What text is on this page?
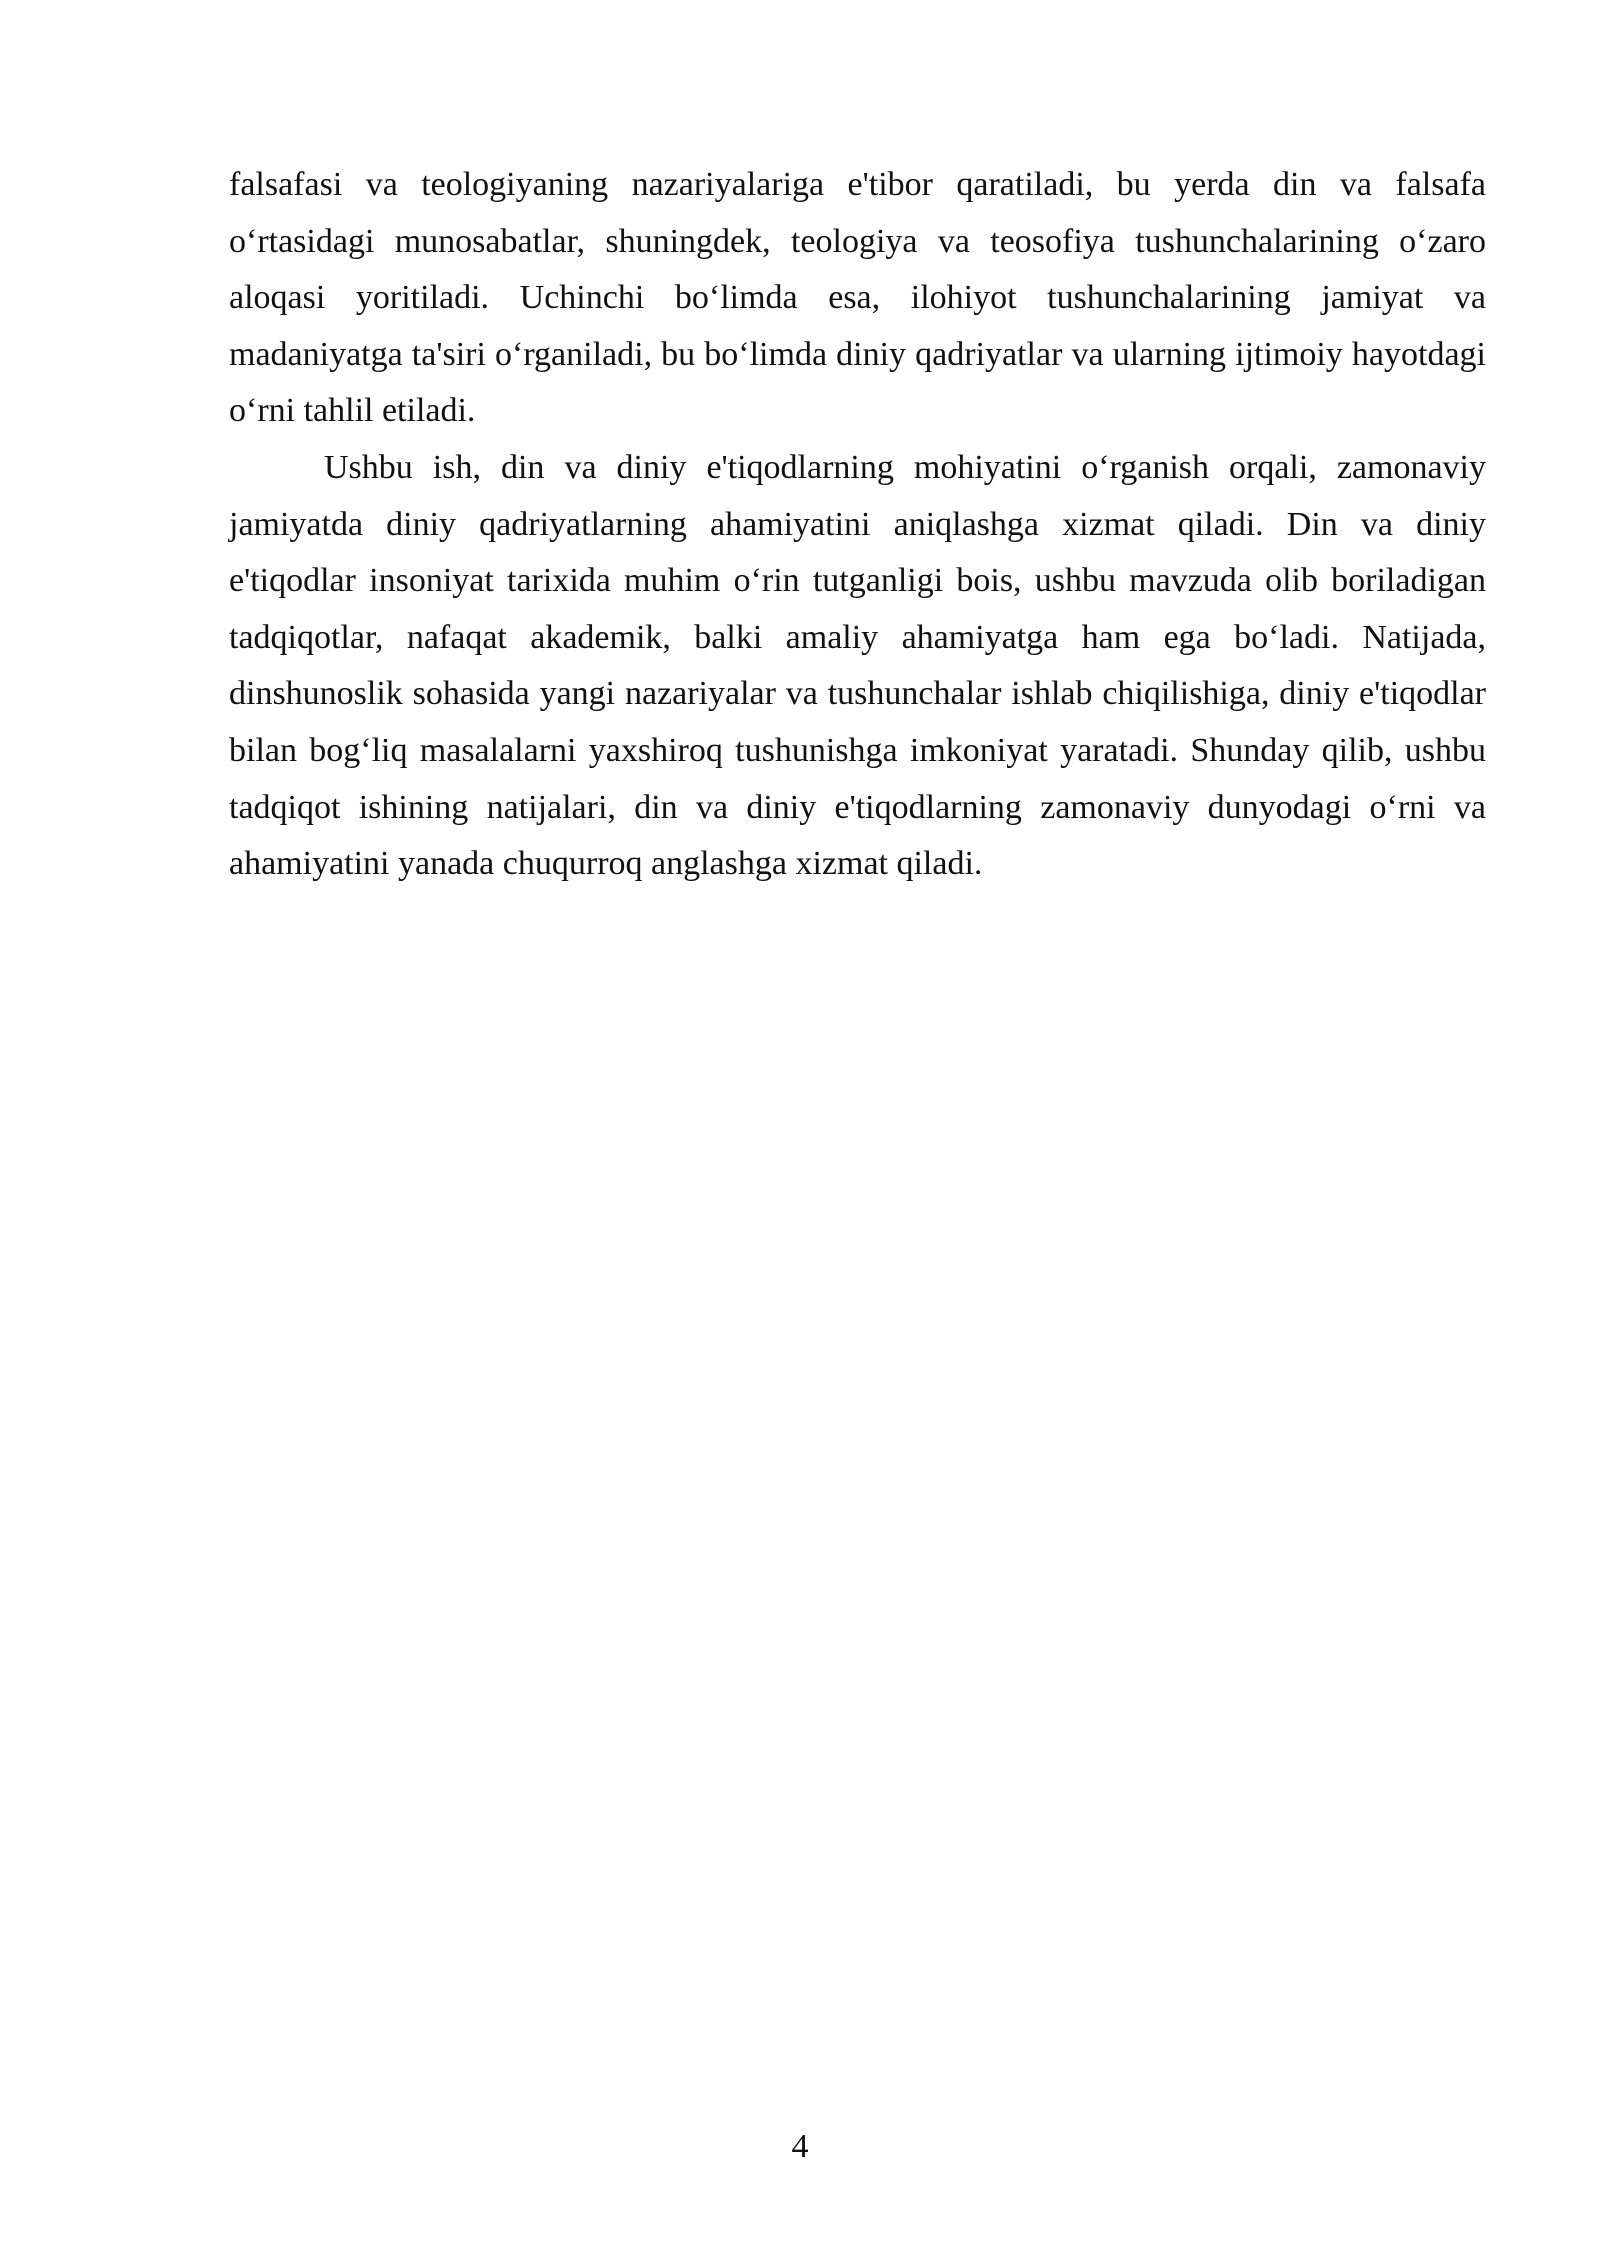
falsafasi va teologiyaning nazariyalariga e'tibor qaratiladi, bu yerda din va falsafa o‘rtasidagi munosabatlar, shuningdek, teologiya va teosofiya tushunchalarining o‘zaro aloqasi yoritiladi. Uchinchi bo‘limda esa, ilohiyot tushunchalarining jamiyat va madaniyatga ta'siri o‘rganiladi, bu bo‘limda diniy qadriyatlar va ularning ijtimoiy hayotdagi o‘rni tahlil etiladi.

Ushbu ish, din va diniy e'tiqodlarning mohiyatini o‘rganish orqali, zamonaviy jamiyatda diniy qadriyatlarning ahamiyatini aniqlashga xizmat qiladi. Din va diniy e'tiqodlar insoniyat tarixida muhim o‘rin tutganligi bois, ushbu mavzuda olib boriladigan tadqiqotlar, nafaqat akademik, balki amaliy ahamiyatga ham ega bo‘ladi. Natijada, dinshunoslik sohasida yangi nazariyalar va tushunchalar ishlab chiqilishiga, diniy e'tiqodlar bilan bog‘liq masalalarni yaxshiroq tushunishga imkoniyat yaratadi. Shunday qilib, ushbu tadqiqot ishining natijalari, din va diniy e'tiqodlarning zamonaviy dunyodagi o‘rni va ahamiyatini yanada chuqurroq anglashga xizmat qiladi.

4
